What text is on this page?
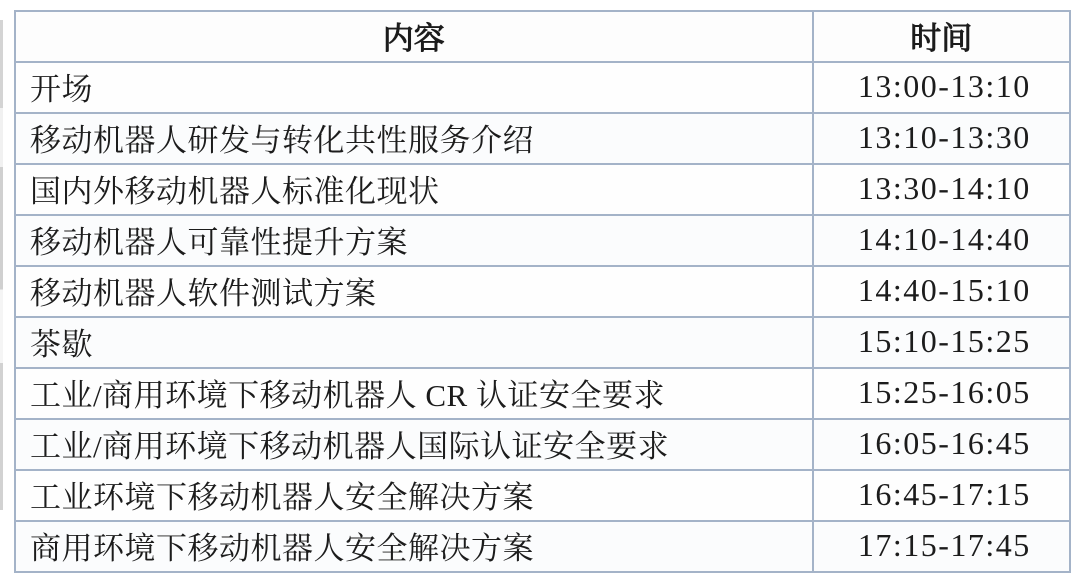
内容	时间
开场	13:00-13:10
移动机器人研发与转化共性服务介绍	13:10-13:30
国内外移动机器人标准化现状	13:30-14:10
移动机器人可靠性提升方案	14:10-14:40
移动机器人软件测试方案	14:40-15:10
茶歇	15:10-15:25
工业/商用环境下移动机器人 CR 认证安全要求	15:25-16:05
工业/商用环境下移动机器人国际认证安全要求	16:05-16:45
工业环境下移动机器人安全解决方案	16:45-17:15
商用环境下移动机器人安全解决方案	17:15-17:45
